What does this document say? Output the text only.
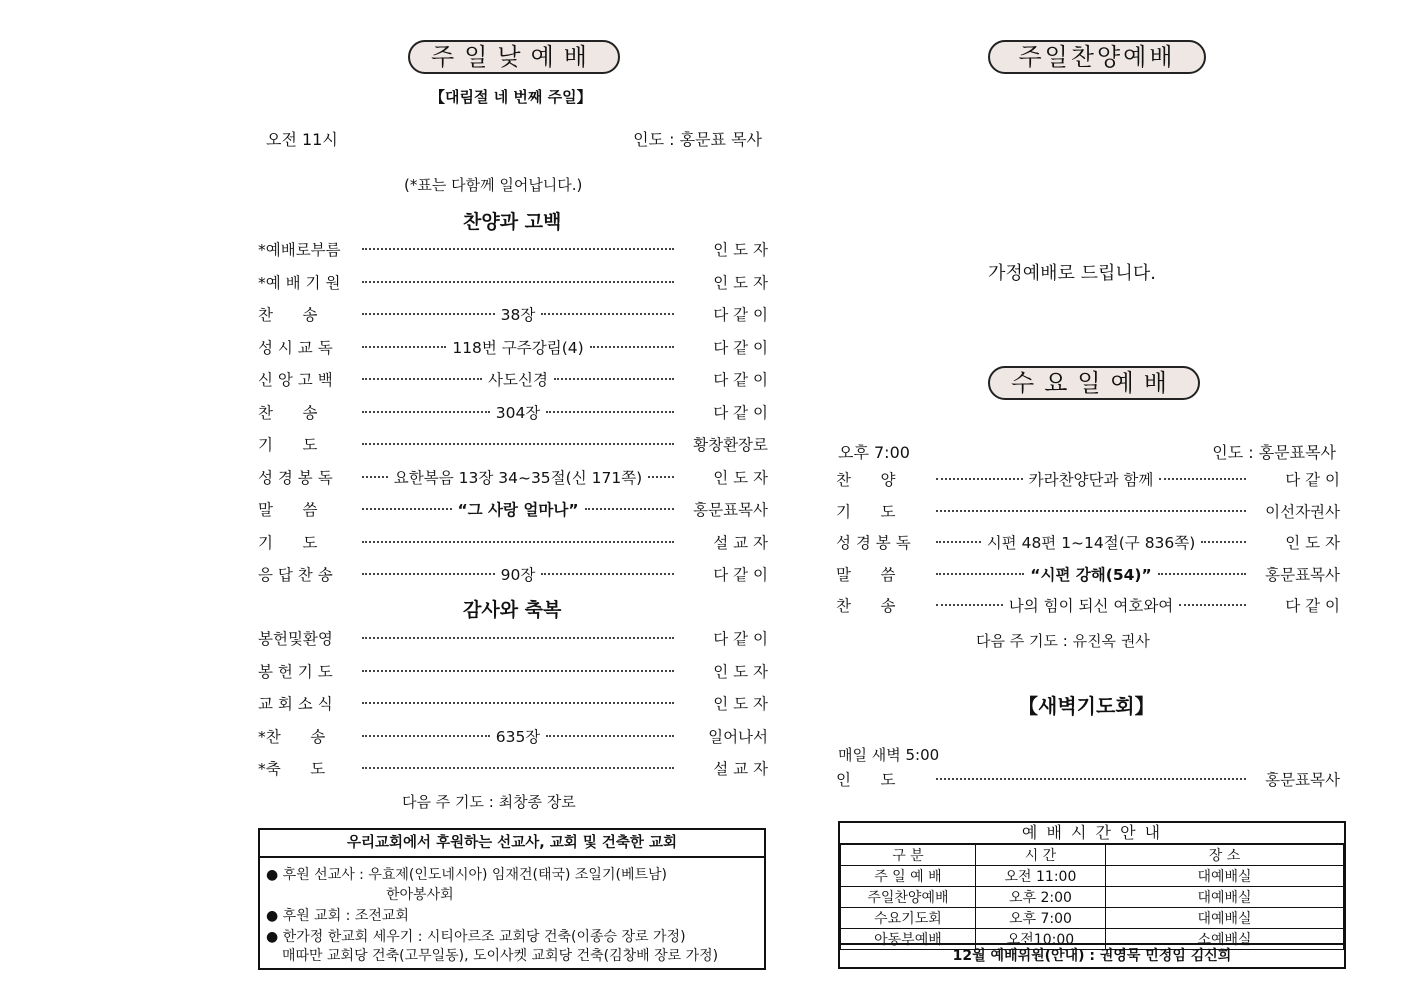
주일낮예배
【대림절 네 번째 주일】
오전 11시	인도 : 홍문표 목사
(*표는 다함께 일어납니다.)
찬양과 고백
*예배로부름	인 도 자
*예 배 기 원	인 도 자
찬      송	38장	다 같 이
성 시 교 독	118번 구주강림(4)	다 같 이
신 앙 고 백	사도신경	다 같 이
찬      송	304장	다 같 이
기      도	황창환장로
성 경 봉 독	요한복음 13장 34~35절(신 171쪽)	인 도 자
말      씀	“그 사랑 얼마나”	홍문표목사
기      도	설 교 자
응 답 찬 송	90장	다 같 이
감사와 축복
봉헌및환영	다 같 이
봉 헌 기 도	인 도 자
교 회 소 식	인 도 자
*찬      송	635장	일어나서
*축      도	설 교 자
다음 주 기도 : 최창종 장로
우리교회에서 후원하는 선교사, 교회 및 건축한 교회
● 후원 선교사 : 우효제(인도네시아) 임재건(태국) 조일기(베트남)
한아봉사회
● 후원 교회 : 조전교회
● 한가정 한교회 세우기 : 시티아르조 교회당 건축(이종승 장로 가정)
매따만 교회당 건축(고무일동), 도이사켓 교회당 건축(김창배 장로 가정)
주일찬양예배
가정예배로 드립니다.
수요일예배
오후 7:00	인도 : 홍문표목사
찬      양	카라찬양단과 함께	다 같 이
기      도	이선자권사
성 경 봉 독	시편 48편 1~14절(구 836쪽)	인 도 자
말      씀	“시편 강해(54)”	홍문표목사
찬      송	나의 힘이 되신 여호와여	다 같 이
다음 주 기도 : 유진옥 권사
【새벽기도회】
매일 새벽 5:00
인      도	홍문표목사
예 배 시 간 안 내
구 분	시 간	장 소
주 일 예 배	오전 11:00	대예배실
주일찬양예배	오후 2:00	대예배실
수요기도회	오후 7:00	대예배실
아동부예배	오전10:00	소예배실
12월 예배위원(안내) : 권영묵 민정임 김신희
